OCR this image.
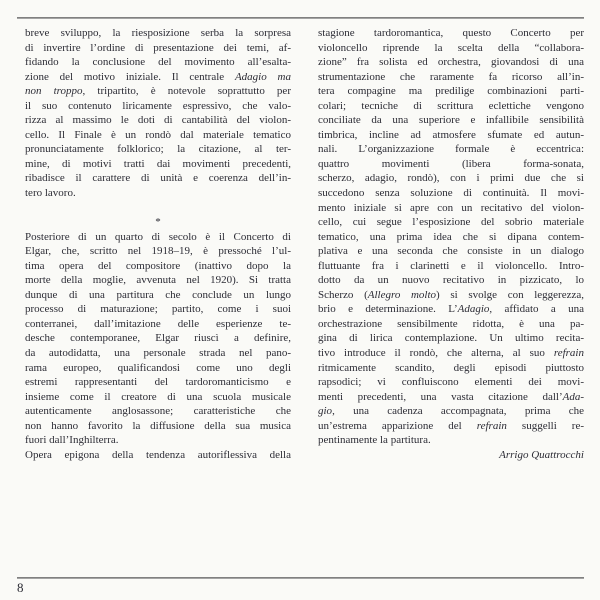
breve sviluppo, la riesposizione serba la sorpresa
di invertire l’ordine di presentazione dei temi, af-
fidando la conclusione del movimento all’esalta-
zione del motivo iniziale. Il centrale Adagio ma
non troppo, tripartito, è notevole soprattutto per
il suo contenuto liricamente espressivo, che valo-
rizza al massimo le doti di cantabilità del violon-
cello. Il Finale è un rondò dal materiale tematico
pronunciatamente folklorico; la citazione, al ter-
mine, di motivi tratti dai movimenti precedenti,
ribadisce il carattere di unità e coerenza dell’in-
tero lavoro.
*
Posteriore di un quarto di secolo è il Concerto di
Elgar, che, scritto nel 1918–19, è pressoché l’ul-
tima opera del compositore (inattivo dopo la
morte della moglie, avvenuta nel 1920). Si tratta
dunque di una partitura che conclude un lungo
processo di maturazione; partito, come i suoi
conterranei, dall’imitazione delle esperienze te-
desche contemporanee, Elgar riuscì a definire,
da autodidatta, una personale strada nel pano-
rama europeo, qualificandosi come uno degli
estremi rappresentanti del tardoromanticismo e
insieme come il creatore di una scuola musicale
autenticamente anglosassone; caratteristiche che
non hanno favorito la diffusione della sua musica
fuori dall’Inghilterra.
Opera epigona della tendenza autoriflessiva della
stagione tardoromantica, questo Concerto per
violoncello riprende la scelta della “collabora-
zione” fra solista ed orchestra, giovandosi di una
strumentazione che raramente fa ricorso all’in-
tera compagine ma predilige combinazioni parti-
colari; tecniche di scrittura eclettiche vengono
conciliate da una superiore e infallibile sensibilità
timbrica, incline ad atmosfere sfumate ed autun-
nali. L’organizzazione formale è eccentrica:
quattro movimenti (libera forma-sonata,
scherzo, adagio, rondò), con i primi due che si
succedono senza soluzione di continuità. Il movi-
mento iniziale si apre con un recitativo del violon-
cello, cui segue l’esposizione del sobrio materiale
tematico, una prima idea che si dipana contem-
plativa e una seconda che consiste in un dialogo
fluttuante fra i clarinetti e il violoncello. Intro-
dotto da un nuovo recitativo in pizzicato, lo
Scherzo (Allegro molto) si svolge con leggerezza,
brio e determinazione. L’Adagio, affidato a una
orchestrazione sensibilmente ridotta, è una pa-
gina di lirica contemplazione. Un ultimo recita-
tivo introduce il rondò, che alterna, al suo refrain
ritmicamente scandito, degli episodi piuttosto
rapsodici; vi confluiscono elementi dei movi-
menti precedenti, una vasta citazione dall’Ada-
gio, una cadenza accompagnata, prima che
un’estrema apparizione del refrain suggelli re-
pentinamente la partitura.
Arrigo Quattrocchi
8
